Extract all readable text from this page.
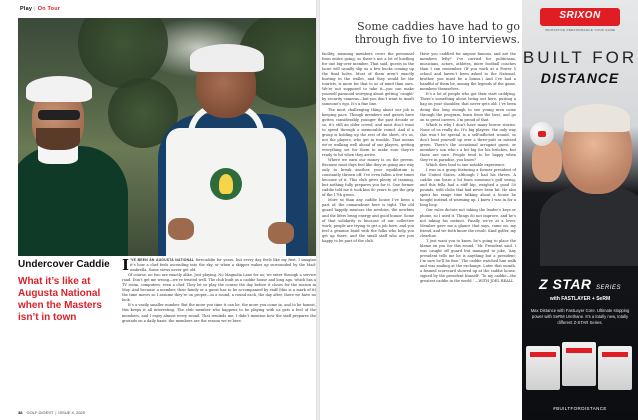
Play | On Tour
Some caddies have had to go through five to 10 interviews.
Undercover Caddie
What it’s like at Augusta National when the Masters isn’t in town

I ’VE BEEN AN AUGUSTA NATIONAL forecaddie for years, but every day feels like my first. I imagine it’s how a chef feels ascending into the sky, or when a skipper wakes up surrounded by the Mad-umbrella. Some views never get old.

Of course, no two are exactly alike. Just playing. No Magnolia Lane for us; we enter through a service road. Don’t get me wrong—we’re treated well. The club built us a caddie house and long ago, which has a TV room, computers, even a chef. They let us play the course the day before it closes for the season in May. And because a member, their family or a guest has to be accompanied by staff (this is a mark of it) the time moves so I assume they’re on proper—in a round, a round each, the day after, there we have no luck.

It’s a vastly smaller number. But the more you time it can be, the more you come in, and to be honest, this keeps it all interesting. The club member who happens to be playing with us gets a feel of the members, and I enjoy almost every round. That reminds me, I didn’t mention how the staff prepares the grounds on a daily basis: the members are the reason we’re here.

facility, meaning members cover the personnel from entire going, so there’s not a lot of hustling for one big-over member. That said, guests in the loose will usually slip us a few bucks coming up the final holes. Most of them aren’t exactly hurting in the wallet, and they would be the tourists, is more for that to us of mind than ours. We’re not supposed to take it—you can make yourself paranoid worrying about getting ‘caught’ by security cameras—but you don’t want to insult someone’s ego. It’s a fine line.

The most challenging thing about our job is keeping pace. Though members and guests have gotten considerably younger the past decade or so, it’s still an older crowd, and most don’t want to speed through a memorable round. And if a group is holding up the rest of the sheet, it’s us, not the players, who get in trouble. That means we’re walking well ahead of our players, getting everything set for them to make sure they’re ready to hit when they arrive.

Where we earn our money is on the greens. Because most days feel like they’re going one way only to break another, your equilibrium is constantly thrown off. I’ve even fallen a few times because of it. This club gives plenty of training, but nothing fully prepares you for it. One former caddie told me it took him 80 years to get the grip of the 17th green.

More so than any caddie house I’ve been a part of, the camaraderie here is tight. The old guard happily mentors the newbies, the newbies and the lifers bring energy and good humor. Some of that solidarity is because of our collective work; people are trying to get a job here, and you feel a genuine bond with the folks who help you get up there, and the small staff who are just happy to be part of the club.

Have you caddied for anyone famous, and are the members lefty? I’ve carried for politicians, musicians, actors, athletes, more football coaches than I can remember. (If you work at a Power 5 school and haven’t been asked to the National, brother, you must be a bonus.) And I’ve had a handful of them be, among the legends of the game, members themselves.

It’s a lot of people who got their start caddying. There’s something about being out here, putting a bag on your shoulder, that never gets old. I’ve been doing this long enough to see young men come through the program, learn from the best, and go on to great careers. I’m proud of that.

Which is why I don’t have many horror stories. None of us really do. It’s big players: the only way this won’t be special is a self-inflicted wound, so don’t beat yourself up over a three-putt or missed green. There’s the occasional arrogant guest, or member’s son who’s a bit big for his britches, but those are rare. People tend to be happy when they’re in paradise, you know?

Which does lead to one notable experience.

I was in a group featuring a former president of the United States, although I had his threes. A caddie can learn a lot from someone’s golf swing, and this fella had a stiff hip, weighed a good 50 pounds, with clubs that had never been hit. He also spent his range time talking about a house he bought instead of warming up. I knew I was in for a long loop.

Our rules dictate not taking the leader’s keys or phone, so I used it. Things do not improve, and he’s not taking his instinct. Finally we’re at a lever. Member gave me a glance that says, come on, my friend, and we both know the result. Kind golfer, my clearline.

‘I just want you to know, he’s going to place the blame on you for this round,’ Mr. President said. I was caught off guard but managed to joke, ‘Any president tells me he is anything but a president; I’m sure he’ll be fine.’ The caddie watched him walk and was smiling at the exchange. Later that month, a framed scorecard showed up at the caddie house, signed by the president himself: ‘To my caddie—the greatest caddie in the world.’ —WITH JOEL BEALL

38 GOLF DIGEST | ISSUE 4, 2025
SRIXON
INNOVATIVE PERFORMANCE YOUR GAME
BUILT FOR
DISTANCE
Z STAR SERIES
with FASTLAYER + SeRM
Max Distance with FastLayer Core. Ultimate stopping power with SeRM Urethane. It’s a totally new, totally different Z-STAR Series.
#BUILTFORDISTANCE
